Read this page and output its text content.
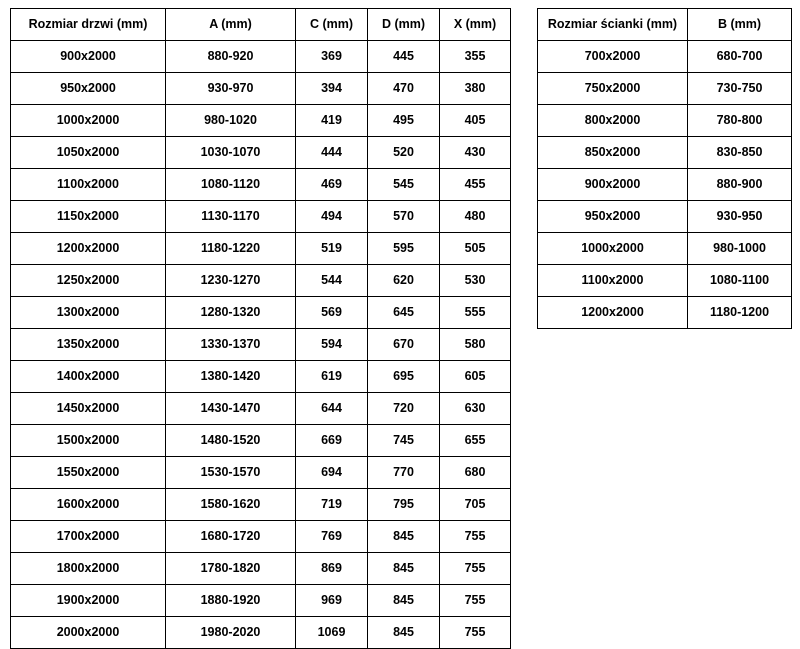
Rozmiar drzwi (mm)	A (mm)	C (mm)	D (mm)	X (mm)
900x2000	880-920	369	445	355
950x2000	930-970	394	470	380
1000x2000	980-1020	419	495	405
1050x2000	1030-1070	444	520	430
1100x2000	1080-1120	469	545	455
1150x2000	1130-1170	494	570	480
1200x2000	1180-1220	519	595	505
1250x2000	1230-1270	544	620	530
1300x2000	1280-1320	569	645	555
1350x2000	1330-1370	594	670	580
1400x2000	1380-1420	619	695	605
1450x2000	1430-1470	644	720	630
1500x2000	1480-1520	669	745	655
1550x2000	1530-1570	694	770	680
1600x2000	1580-1620	719	795	705
1700x2000	1680-1720	769	845	755
1800x2000	1780-1820	869	845	755
1900x2000	1880-1920	969	845	755
2000x2000	1980-2020	1069	845	755
Rozmiar ścianki (mm)	B (mm)
700x2000	680-700
750x2000	730-750
800x2000	780-800
850x2000	830-850
900x2000	880-900
950x2000	930-950
1000x2000	980-1000
1100x2000	1080-1100
1200x2000	1180-1200
